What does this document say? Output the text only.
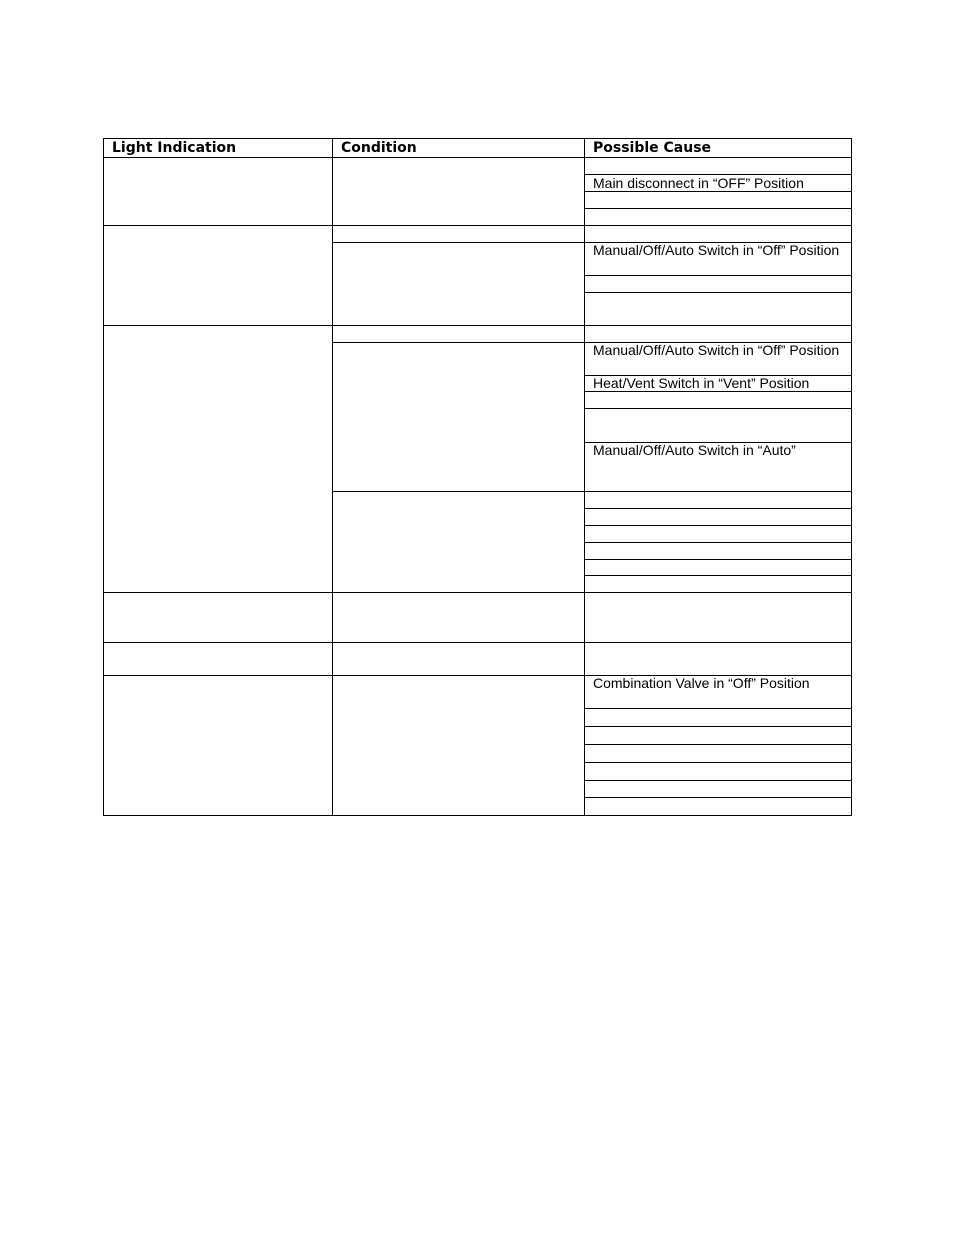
Light Indication	Condition	Possible Cause
Main disconnect in “OFF” Position
Manual/Off/Auto Switch in “Off” Position
Manual/Off/Auto Switch in “Off” Position
Heat/Vent Switch in “Vent” Position
Manual/Off/Auto Switch in “Auto”
Combination Valve in “Off” Position
